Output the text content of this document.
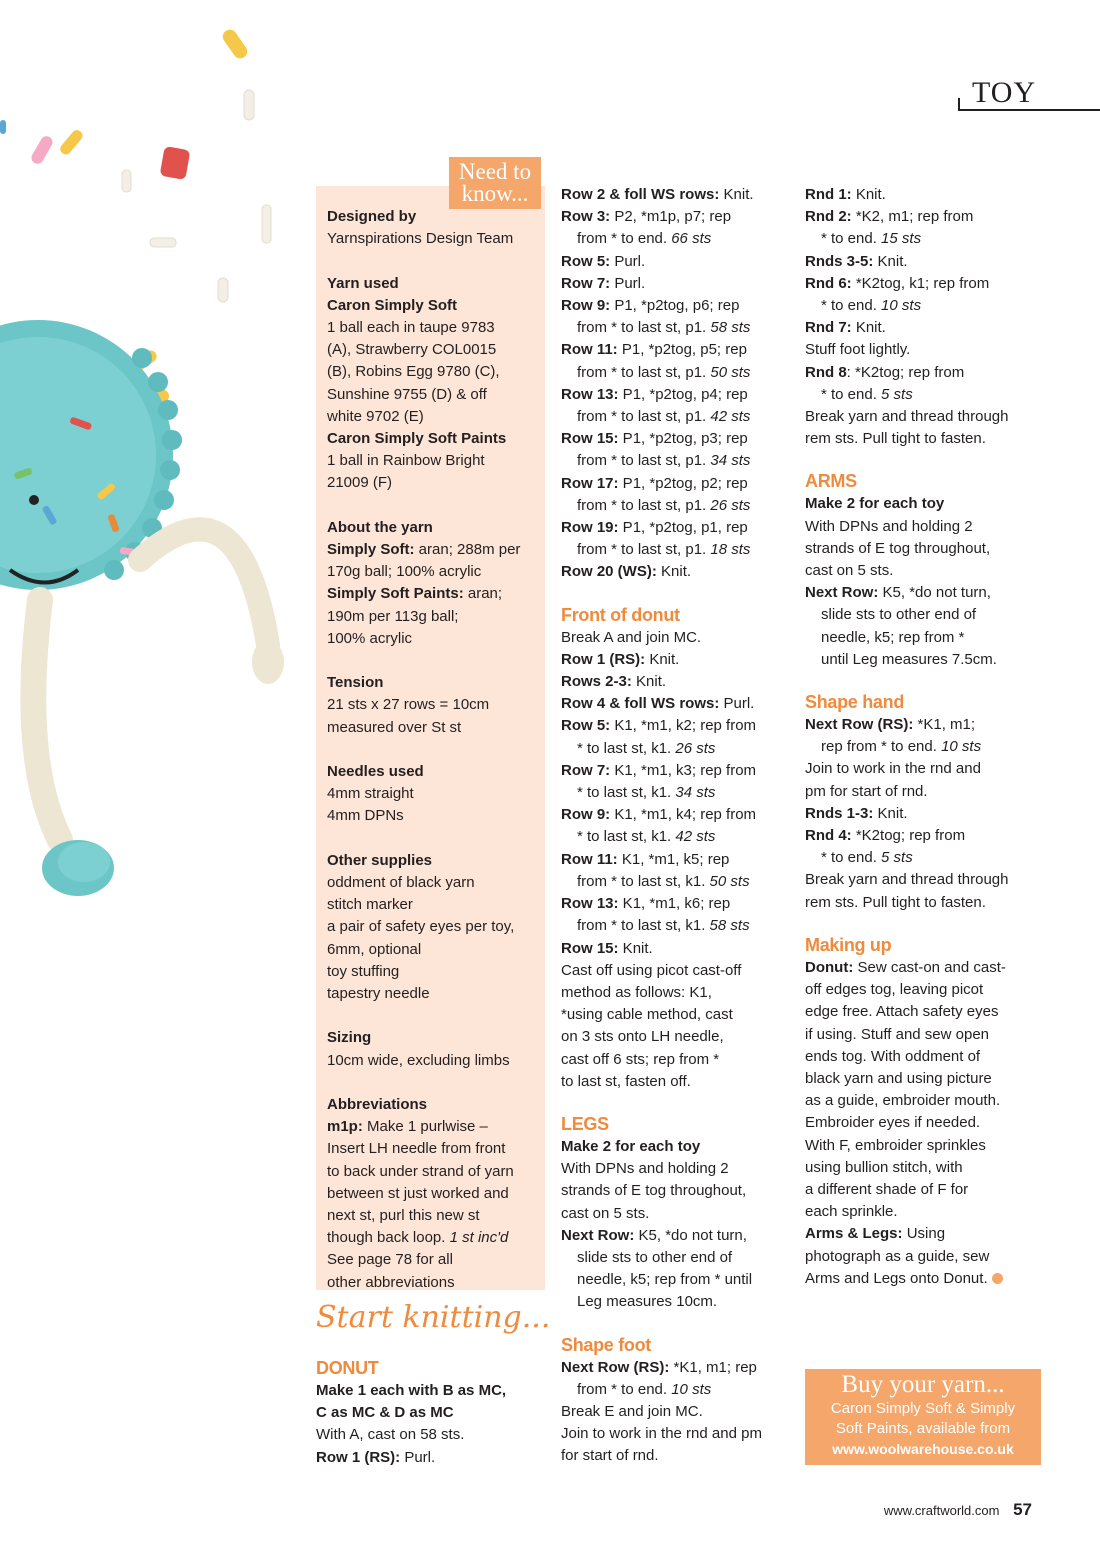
TOY
Need to know...

Designed by
Yarnspirations Design Team

Yarn used
Caron Simply Soft
1 ball each in taupe 9783
(A), Strawberry COL0015
(B), Robins Egg 9780 (C),
Sunshine 9755 (D) & off
white 9702 (E)
Caron Simply Soft Paints
1 ball in Rainbow Bright
21009 (F)

About the yarn
Simply Soft: aran; 288m per
170g ball; 100% acrylic
Simply Soft Paints: aran;
190m per 113g ball;
100% acrylic

Tension
21 sts x 27 rows = 10cm
measured over St st

Needles used
4mm straight
4mm DPNs

Other supplies
oddment of black yarn
stitch marker
a pair of safety eyes per toy,
6mm, optional
toy stuffing
tapestry needle

Sizing
10cm wide, excluding limbs

Abbreviations
m1p: Make 1 purlwise –
Insert LH needle from front
to back under strand of yarn
between st just worked and
next st, purl this new st
though back loop. 1 st inc'd
See page 78 for all
other abbreviations

Start knitting...
DONUT
Make 1 each with B as MC,
C as MC & D as MC
With A, cast on 58 sts.
Row 1 (RS): Purl.
Row 2 & foll WS rows: Knit.
Row 3: P2, *m1p, p7; rep
from * to end. 66 sts
Row 5: Purl.
Row 7: Purl.
Row 9: P1, *p2tog, p6; rep
from * to last st, p1. 58 sts
Row 11: P1, *p2tog, p5; rep
from * to last st, p1. 50 sts
Row 13: P1, *p2tog, p4; rep
from * to last st, p1. 42 sts
Row 15: P1, *p2tog, p3; rep
from * to last st, p1. 34 sts
Row 17: P1, *p2tog, p2; rep
from * to last st, p1. 26 sts
Row 19: P1, *p2tog, p1, rep
from * to last st, p1. 18 sts
Row 20 (WS): Knit.
Front of donut
Break A and join MC.
Row 1 (RS): Knit.
Rows 2-3: Knit.
Row 4 & foll WS rows: Purl.
Row 5: K1, *m1, k2; rep from
* to last st, k1. 26 sts
Row 7: K1, *m1, k3; rep from
* to last st, k1. 34 sts
Row 9: K1, *m1, k4; rep from
* to last st, k1. 42 sts
Row 11: K1, *m1, k5; rep
from * to last st, k1. 50 sts
Row 13: K1, *m1, k6; rep
from * to last st, k1. 58 sts
Row 15: Knit.
Cast off using picot cast-off
method as follows: K1,
*using cable method, cast
on 3 sts onto LH needle,
cast off 6 sts; rep from *
to last st, fasten off.
LEGS
Make 2 for each toy
With DPNs and holding 2
strands of E tog throughout,
cast on 5 sts.
Next Row: K5, *do not turn,
slide sts to other end of
needle, k5; rep from * until
Leg measures 10cm.
Shape foot
Next Row (RS): *K1, m1; rep
from * to end. 10 sts
Break E and join MC.
Join to work in the rnd and pm
for start of rnd.
Rnd 1: Knit.
Rnd 2: *K2, m1; rep from
* to end. 15 sts
Rnds 3-5: Knit.
Rnd 6: *K2tog, k1; rep from
* to end. 10 sts
Rnd 7: Knit.
Stuff foot lightly.
Rnd 8: *K2tog; rep from
* to end. 5 sts
Break yarn and thread through
rem sts. Pull tight to fasten.
ARMS
Make 2 for each toy
With DPNs and holding 2
strands of E tog throughout,
cast on 5 sts.
Next Row: K5, *do not turn,
slide sts to other end of
needle, k5; rep from *
until Leg measures 7.5cm.
Shape hand
Next Row (RS): *K1, m1;
rep from * to end. 10 sts
Join to work in the rnd and
pm for start of rnd.
Rnds 1-3: Knit.
Rnd 4: *K2tog; rep from
* to end. 5 sts
Break yarn and thread through
rem sts. Pull tight to fasten.
Making up
Donut: Sew cast-on and cast-
off edges tog, leaving picot
edge free. Attach safety eyes
if using. Stuff and sew open
ends tog. With oddment of
black yarn and using picture
as a guide, embroider mouth.
Embroider eyes if needed.
With F, embroider sprinkles
using bullion stitch, with
a different shade of F for
each sprinkle.
Arms & Legs: Using
photograph as a guide, sew
Arms and Legs onto Donut.
Buy your yarn...
Caron Simply Soft & Simply
Soft Paints, available from
www.woolwarehouse.co.uk
www.craftworld.com 57
